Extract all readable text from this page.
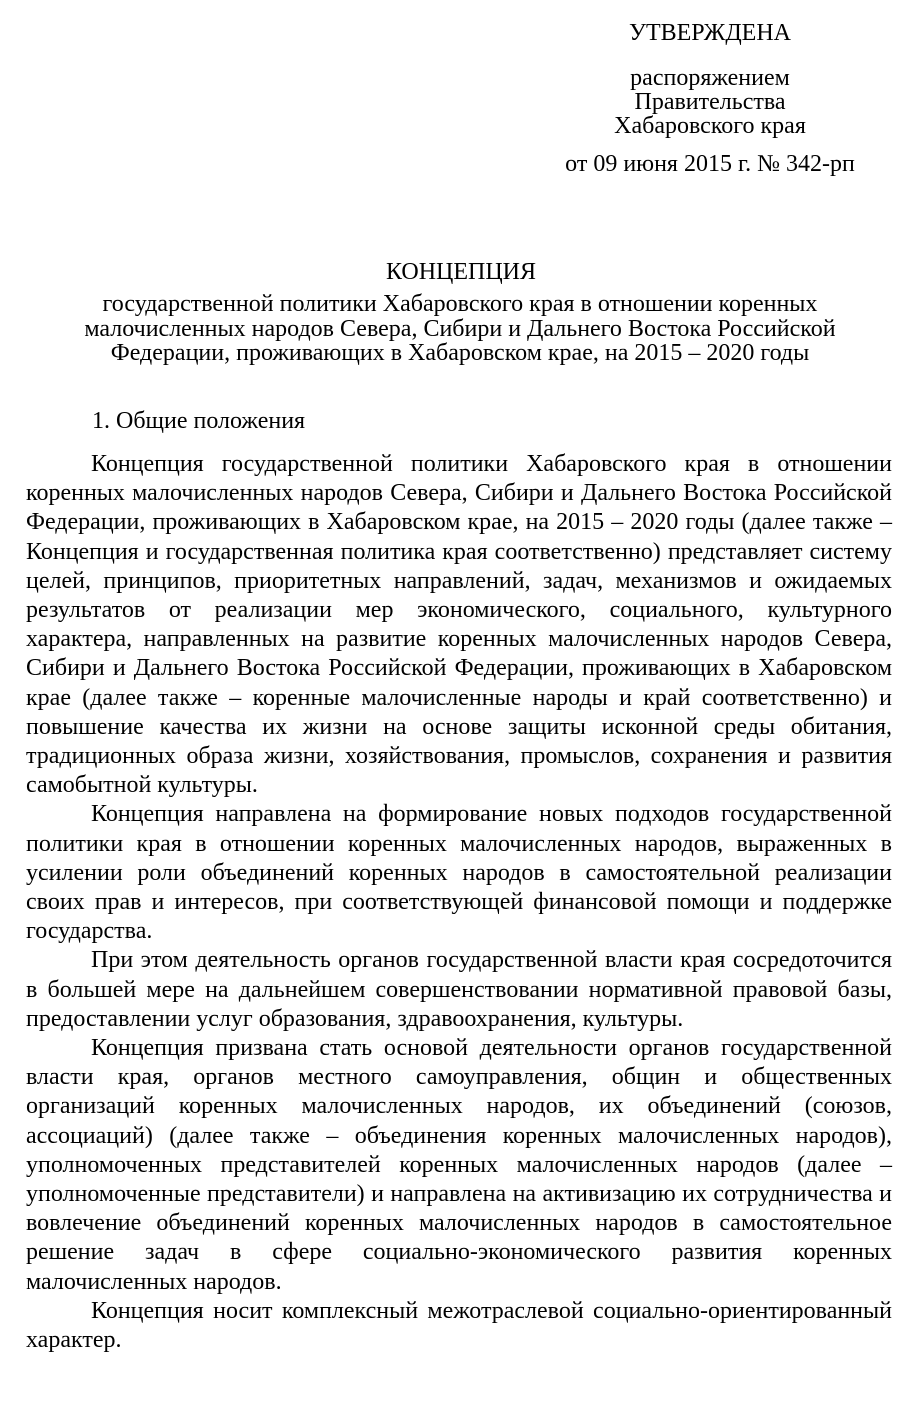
УТВЕРЖДЕНА
распоряжением
Правительства
Хабаровского края
от 09 июня 2015 г. № 342-рп
КОНЦЕПЦИЯ
государственной политики Хабаровского края в отношении коренных
малочисленных народов Севера, Сибири и Дальнего Востока Российской
Федерации, проживающих в Хабаровском крае, на 2015 – 2020 годы
1. Общие положения

Концепция государственной политики Хабаровского края в отношении коренных малочисленных народов Севера, Сибири и Дальнего Востока Российской Федерации, проживающих в Хабаровском крае, на 2015 – 2020 годы (далее также – Концепция и государственная политика края соответственно) представляет систему целей, принципов, приоритетных направлений, задач, механизмов и ожидаемых результатов от реализации мер экономического, социального, культурного характера, направленных на развитие коренных малочисленных народов Севера, Сибири и Дальнего Востока Российской Федерации, проживающих в Хабаровском крае (далее также – коренные малочисленные народы и край соответственно) и повышение качества их жизни на основе защиты исконной среды обитания, традиционных образа жизни, хозяйствования, промыслов, сохранения и развития самобытной культуры.

Концепция направлена на формирование новых подходов государственной политики края в отношении коренных малочисленных народов, выраженных в усилении роли объединений коренных народов в самостоятельной реализации своих прав и интересов, при соответствующей финансовой помощи и поддержке государства.

При этом деятельность органов государственной власти края сосредоточится в большей мере на дальнейшем совершенствовании нормативной правовой базы, предоставлении услуг образования, здравоохранения, культуры.

Концепция призвана стать основой деятельности органов государственной власти края, органов местного самоуправления, общин и общественных организаций коренных малочисленных народов, их объединений (союзов, ассоциаций) (далее также – объединения коренных малочисленных народов), уполномоченных представителей коренных малочисленных народов (далее – уполномоченные представители) и направлена на активизацию их сотрудничества и вовлечение объединений коренных малочисленных народов в самостоятельное решение задач в сфере социально-экономического развития коренных малочисленных народов.

Концепция носит комплексный межотраслевой социально-ориентированный характер.
